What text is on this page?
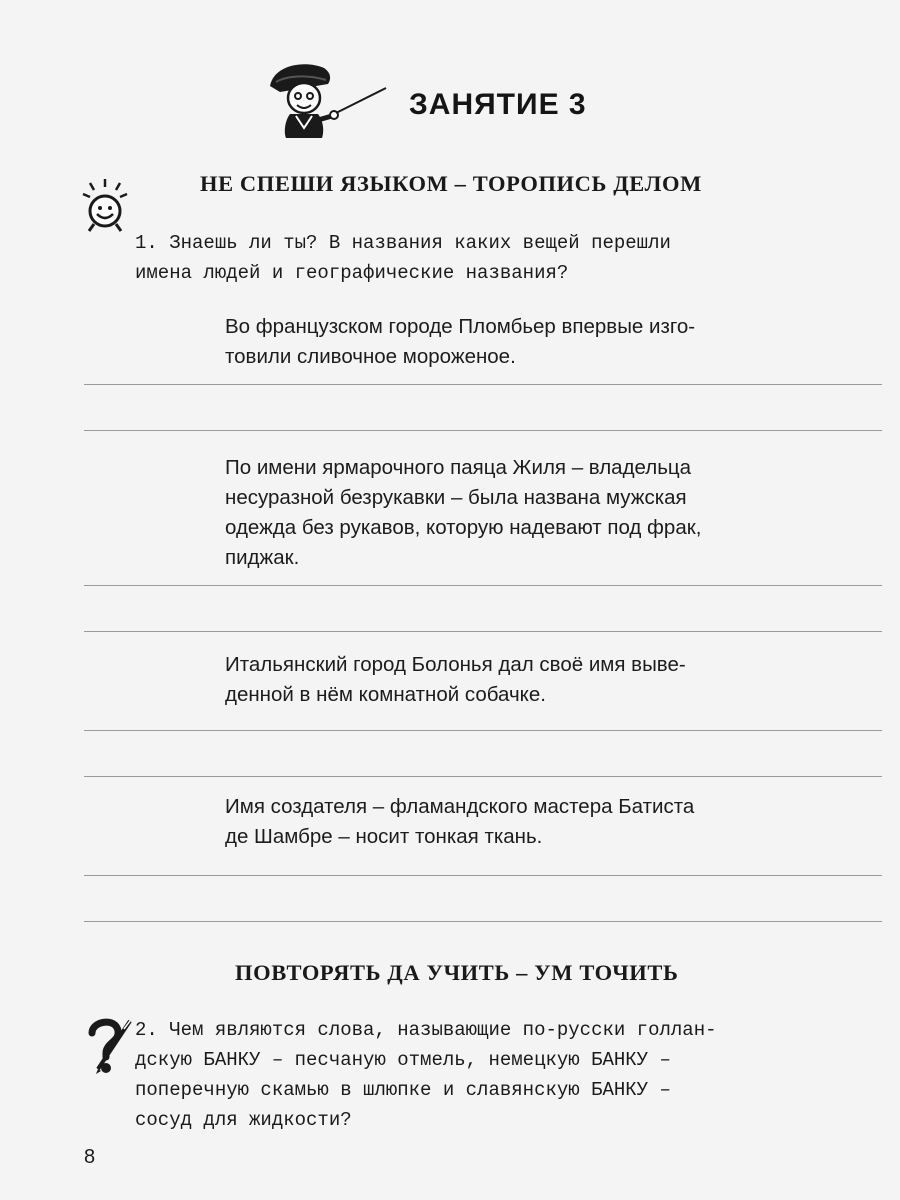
ЗАНЯТИЕ 3
НЕ СПЕШИ ЯЗЫКОМ – ТОРОПИСЬ ДЕЛОМ
1. Знаешь ли ты? В названия каких вещей перешли
имена людей и географические названия?
Во французском городе Пломбьер впервые изго-
товили сливочное мороженое.
По имени ярмарочного паяца Жиля – владельца
несуразной безрукавки – была названа мужская
одежда без рукавов, которую надевают под фрак,
пиджак.
Итальянский город Болонья дал своё имя выве-
денной в нём комнатной собачке.
Имя создателя – фламандского мастера Батиста
де Шамбре – носит тонкая ткань.
ПОВТОРЯТЬ ДА УЧИТЬ – УМ ТОЧИТЬ
2. Чем являются слова, называющие по-русски голлан-
дскую БАНКУ – песчаную отмель, немецкую БАНКУ –
поперечную скамью в шлюпке и славянскую БАНКУ –
сосуд для жидкости?
8
